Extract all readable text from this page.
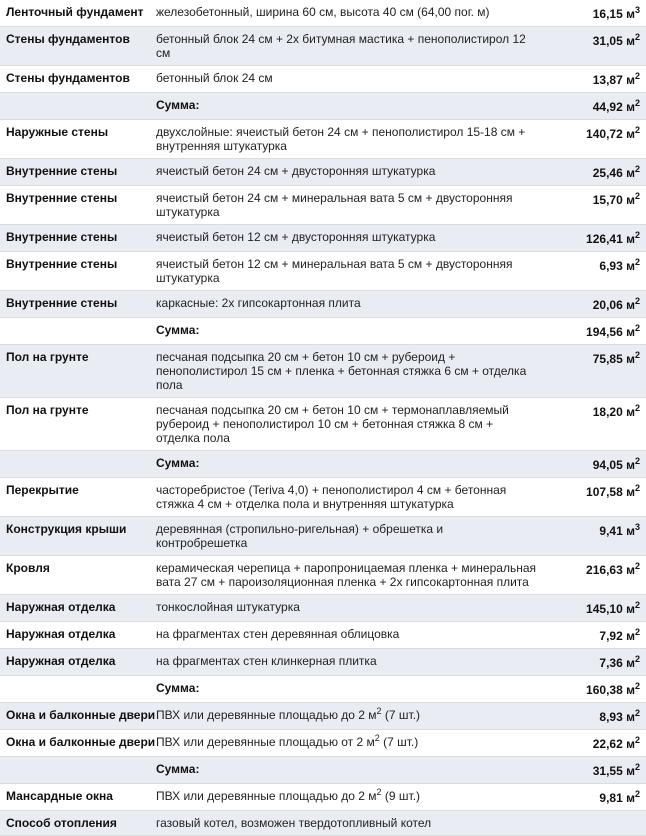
Ленточный фундамент	железобетонный, ширина 60 см, высота 40 см (64,00 пог. м)	16,15 $м^3$
Стены фундаментов	бетонный блок 24 см + 2х битумная мастика + пенополистирол 12 см	31,05 $м^2$
Стены фундаментов	бетонный блок 24 см	13,87 $м^2$
	Сумма:	44,92 $м^2$
Наружные стены	двухслойные: ячеистый бетон 24 см + пенополистирол 15-18 см + внутренняя штукатурка	140,72 $м^2$
Внутренние стены	ячеистый бетон 24 см + двусторонняя штукатурка	25,46 $м^2$
Внутренние стены	ячеистый бетон 24 см + минеральная вата 5 см + двусторонняя штукатурка	15,70 $м^2$
Внутренние стены	ячеистый бетон 12 см + двусторонняя штукатурка	126,41 $м^2$
Внутренние стены	ячеистый бетон 12 см + минеральная вата 5 см + двусторонняя штукатурка	6,93 $м^2$
Внутренние стены	каркасные: 2х гипсокартонная плита	20,06 $м^2$
	Сумма:	194,56 $м^2$
Пол на грунте	песчаная подсыпка 20 см + бетон 10 см + рубероид + пенополистирол 15 см + пленка + бетонная стяжка 6 см + отделка пола	75,85 $м^2$
Пол на грунте	песчаная подсыпка 20 см + бетон 10 см + термонаплавляемый рубероид + пенополистирол 10 см + бетонная стяжка 8 см + отделка пола	18,20 $м^2$
	Сумма:	94,05 $м^2$
Перекрытие	часторебристое (Teriva 4,0) + пенополистирол 4 см + бетонная стяжка 4 см + отделка пола и внутренняя штукатурка	107,58 $м^2$
Конструкция крыши	деревянная (стропильно-ригельная) + обрешетка и контробрешетка	9,41 $м^3$
Кровля	керамическая черепица + паропроницаемая пленка + минеральная вата 27 см + пароизоляционная пленка + 2х гипсокартонная плита	216,63 $м^2$
Наружная отделка	тонкослойная штукатурка	145,10 $м^2$
Наружная отделка	на фрагментах стен деревянная облицовка	7,92 $м^2$
Наружная отделка	на фрагментах стен клинкерная плитка	7,36 $м^2$
	Сумма:	160,38 $м^2$
Окна и балконные двери	ПВХ или деревянные площадью до 2 $м^2$ (7 шт.)	8,93 $м^2$
Окна и балконные двери	ПВХ или деревянные площадью от 2 $м^2$ (7 шт.)	22,62 $м^2$
	Сумма:	31,55 $м^2$
Мансардные окна	ПВХ или деревянные площадью до 2 $м^2$ (9 шт.)	9,81 $м^2$
Способ отопления	газовый котел, возможен твердотопливный котел	
